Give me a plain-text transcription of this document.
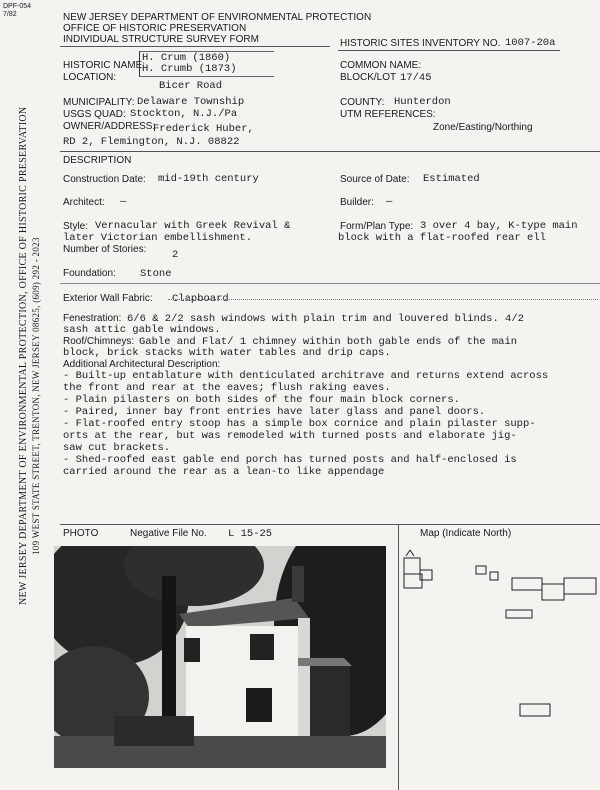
NEW JERSEY DEPARTMENT OF ENVIRONMENTAL PROTECTION, OFFICE OF HISTORIC PRESERVATION 109 WEST STATE STREET, TRENTON, NEW JERSEY 08625, (609) 292 - 2023
DPF-054
7/82	NEW JERSEY DEPARTMENT OF ENVIRONMENTAL PROTECTION
OFFICE OF HISTORIC PRESERVATION
INDIVIDUAL STRUCTURE SURVEY FORM	HISTORIC SITES INVENTORY NO. 1007-20a
HISTORIC NAME:
H. Crum (1860)
H. Crumb (1873)
LOCATION:
Bicer Road
COMMON NAME:
BLOCK/LOT 17/45
MUNICIPALITY: Delaware Township
USGS QUAD: Stockton, N.J./Pa
OWNER/ADDRESS:
Frederick Huber,
RD 2, Flemington, N.J. 08822
COUNTY: Hunterdon
UTM REFERENCES:
Zone/Easting/Northing
DESCRIPTION
Construction Date: mid-19th century	Source of Date: Estimated
Architect: —	Builder: —
Style: Vernacular with Greek Revival &
later Victorian embellishment.
Number of Stories: 2
Form/Plan Type: 3 over 4 bay, K-type main
block with a flat-roofed rear ell
Foundation: Stone
Exterior Wall Fabric: Clapboard
Fenestration: 6/6 & 2/2 sash windows with plain trim and louvered blinds. 4/2
sash attic gable windows.
Roof/Chimneys: Gable and Flat/ 1 chimney within both gable ends of the main
block, brick stacks with water tables and drip caps.
Additional Architectural Description:
- Built-up entablature with denticulated architrave and returns extend across
the front and rear at the eaves; flush raking eaves.
- Plain pilasters on both sides of the four main block corners.
- Paired, inner bay front entries have later glass and panel doors.
- Flat-roofed entry stoop has a simple box cornice and plain pilaster supp-
orts at the rear, but was remodeled with turned posts and elaborate jig-
saw cut brackets.
- Shed-roofed east gable end porch has turned posts and half-enclosed is
carried around the rear as a lean-to like appendage
PHOTO	Negative File No. L 15-25	Map (Indicate North)
